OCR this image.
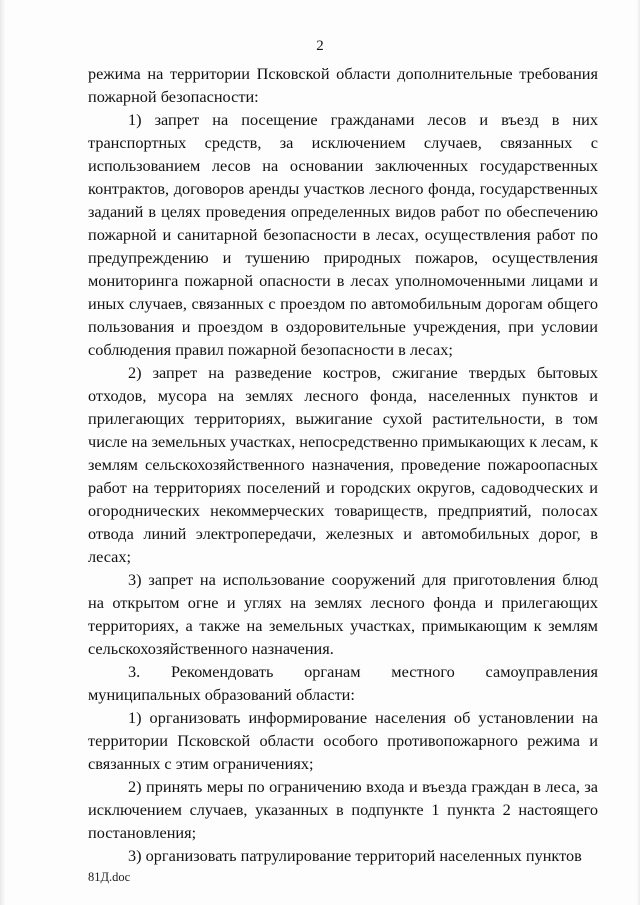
2

режима на территории Псковской области дополнительные требования пожарной безопасности:

1) запрет на посещение гражданами лесов и въезд в них транспортных средств, за исключением случаев, связанных с использованием лесов на основании заключенных государственных контрактов, договоров аренды участков лесного фонда, государственных заданий в целях проведения определенных видов работ по обеспечению пожарной и санитарной безопасности в лесах, осуществления работ по предупреждению и тушению природных пожаров, осуществления мониторинга пожарной опасности в лесах уполномоченными лицами и иных случаев, связанных с проездом по автомобильным дорогам общего пользования и проездом в оздоровительные учреждения, при условии соблюдения правил пожарной безопасности в лесах;

2) запрет на разведение костров, сжигание твердых бытовых отходов, мусора на землях лесного фонда, населенных пунктов и прилегающих территориях, выжигание сухой растительности, в том числе на земельных участках, непосредственно примыкающих к лесам, к землям сельскохозяйственного назначения, проведение пожароопасных работ на территориях поселений и городских округов, садоводческих и огороднических некоммерческих товариществ, предприятий, полосах отвода линий электропередачи, железных и автомобильных дорог, в лесах;

3) запрет на использование сооружений для приготовления блюд на открытом огне и углях на землях лесного фонда и прилегающих территориях, а также на земельных участках, примыкающим к землям сельскохозяйственного назначения.

3. Рекомендовать органам местного самоуправления муниципальных образований области:

1) организовать информирование населения об установлении на территории Псковской области особого противопожарного режима и связанных с этим ограничениях;

2) принять меры по ограничению входа и въезда граждан в леса, за исключением случаев, указанных в подпункте 1 пункта 2 настоящего постановления;

3) организовать патрулирование территорий населенных пунктов

81Д.doc
